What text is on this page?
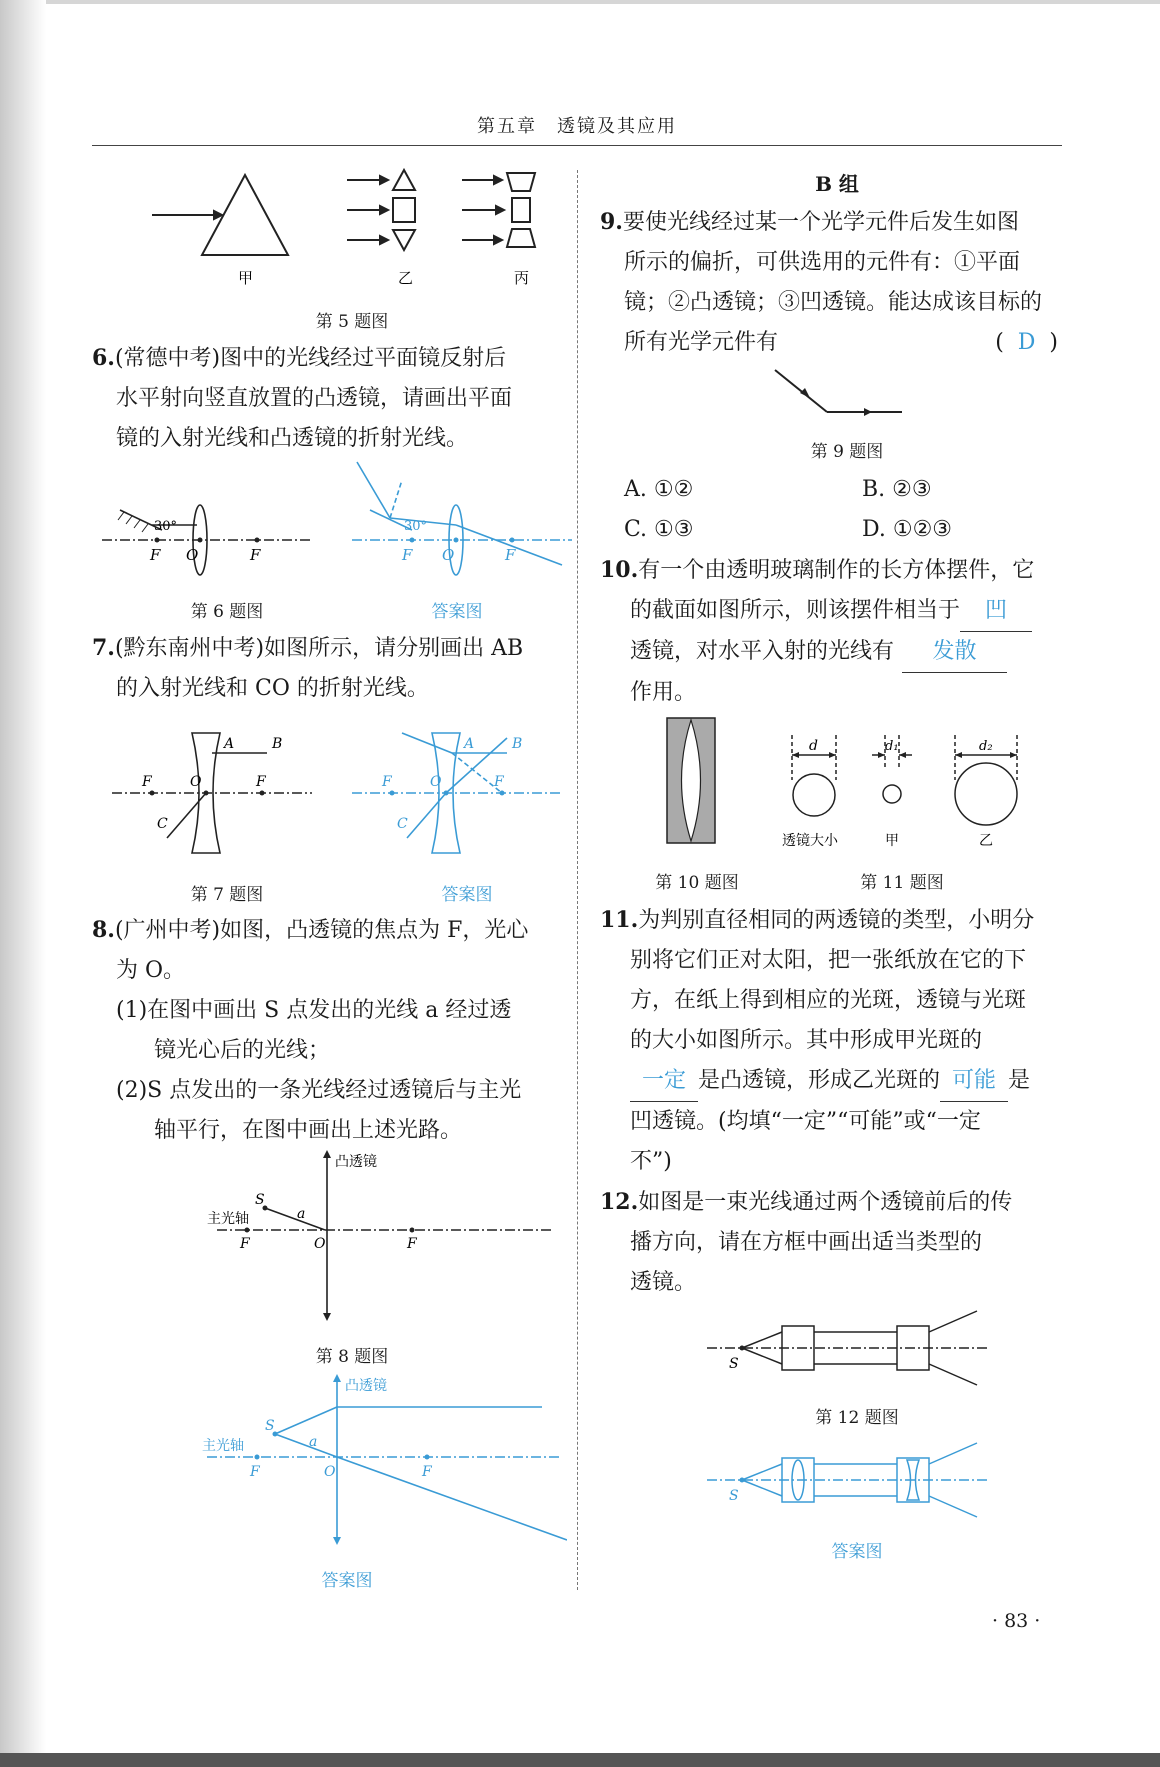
第五章　透镜及其应用
甲	乙	丙
第 5 题图
6.(常德中考)图中的光线经过平面镜反射后
水平射向竖直放置的凸透镜，请画出平面
镜的入射光线和凸透镜的折射光线。
30°
F O	F
30°
F O	F
第 6 题图	答案图
7.(黔东南州中考)如图所示，请分别画出 AB
的入射光线和 CO 的折射光线。
A	B
F	O	F
C
A	B
F	O	F
C
第 7 题图	答案图
8.(广州中考)如图，凸透镜的焦点为 F，光心
为 O。
(1)在图中画出 S 点发出的光线 a 经过透
镜光心后的光线；
(2)S 点发出的一条光线经过透镜后与主光
轴平行，在图中画出上述光路。
凸透镜
主光轴
S
a
F	O	F
第 8 题图
凸透镜
主光轴
S
a
F	O	F
答案图
B 组
9.要使光线经过某一个光学元件后发生如图
所示的偏折，可供选用的元件有：①平面
镜；②凸透镜；③凹透镜。能达成该目标的
所有光学元件有	(  D  )
第 9 题图
A. ①②	B. ②③
C. ①③	D. ①②③
10.有一个由透明玻璃制作的长方体摆件，它
的截面如图所示，则该摆件相当于 凹
透镜，对水平入射的光线有 发散
作用。
第 10 题图
d	d₁	d₂
透镜大小	甲	乙
第 11 题图
11.为判别直径相同的两透镜的类型，小明分
别将它们正对太阳，把一张纸放在它的下
方，在纸上得到相应的光斑，透镜与光斑
的大小如图所示。其中形成甲光斑的
一定 是凸透镜，形成乙光斑的 可能 是
凹透镜。(均填“一定”“可能”或“一定
不”)
12.如图是一束光线通过两个透镜前后的传
播方向，请在方框中画出适当类型的
透镜。
S
第 12 题图
S
答案图
· 83 ·
